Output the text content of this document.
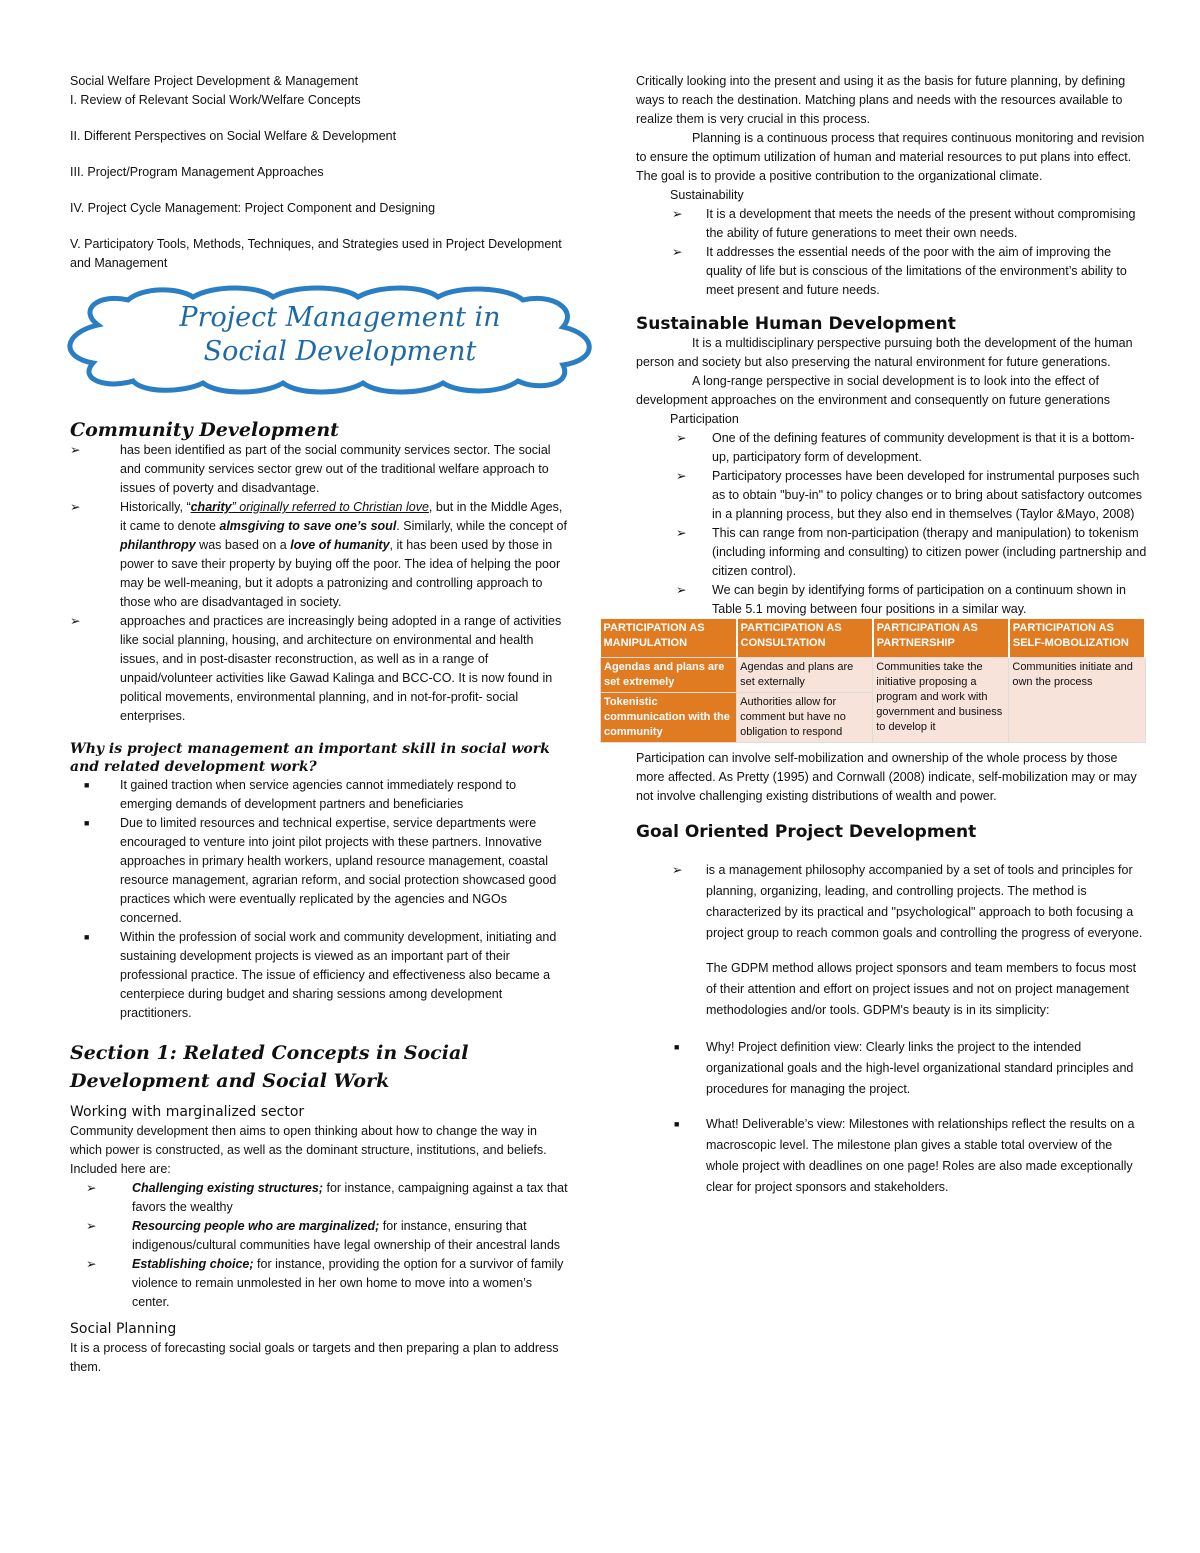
Social Welfare Project Development & Management

I. Review of Relevant Social Work/Welfare Concepts

II. Different Perspectives on Social Welfare & Development

III. Project/Program Management Approaches

IV. Project Cycle Management: Project Component and Designing

V. Participatory Tools, Methods, Techniques, and Strategies used in Project Development and Management

Project Management in
Social Development
Community Development
➢	has been identified as part of the social community services sector. The social and community services sector grew out of the traditional welfare approach to issues of poverty and disadvantage.
➢	Historically, “charity” originally referred to Christian love, but in the Middle Ages, it came to denote almsgiving to save one’s soul. Similarly, while the concept of philanthropy was based on a love of humanity, it has been used by those in power to save their property by buying off the poor. The idea of helping the poor may be well-meaning, but it adopts a patronizing and controlling approach to those who are disadvantaged in society.
➢	approaches and practices are increasingly being adopted in a range of activities like social planning, housing, and architecture on environmental and health issues, and in post-disaster reconstruction, as well as in a range of unpaid/volunteer activities like Gawad Kalinga and BCC-CO. It is now found in political movements, environmental planning, and in not-for-profit- social enterprises.

Why is project management an important skill in social work and related development work?

■ It gained traction when service agencies cannot immediately respond to emerging demands of development partners and beneficiaries
■ Due to limited resources and technical expertise, service departments were encouraged to venture into joint pilot projects with these partners. Innovative approaches in primary health workers, upland resource management, coastal resource management, agrarian reform, and social protection showcased good practices which were eventually replicated by the agencies and NGOs concerned.
■ Within the profession of social work and community development, initiating and sustaining development projects is viewed as an important part of their professional practice. The issue of efficiency and effectiveness also became a centerpiece during budget and sharing sessions among development practitioners.
Section 1: Related Concepts in Social Development and Social Work

Working with marginalized sector

Community development then aims to open thinking about how to change the way in which power is constructed, as well as the dominant structure, institutions, and beliefs. Included here are:

➢	Challenging existing structures; for instance, campaigning against a tax that favors the wealthy
➢	Resourcing people who are marginalized; for instance, ensuring that indigenous/cultural communities have legal ownership of their ancestral lands
➢	Establishing choice; for instance, providing the option for a survivor of family violence to remain unmolested in her own home to move into a women’s center.

Social Planning

It is a process of forecasting social goals or targets and then preparing a plan to address them.

Critically looking into the present and using it as the basis for future planning, by defining ways to reach the destination. Matching plans and needs with the resources available to realize them is very crucial in this process.

Planning is a continuous process that requires continuous monitoring and revision to ensure the optimum utilization of human and material resources to put plans into effect. The goal is to provide a positive contribution to the organizational climate.

Sustainability

➢ It is a development that meets the needs of the present without compromising the ability of future generations to meet their own needs.
➢ It addresses the essential needs of the poor with the aim of improving the quality of life but is conscious of the limitations of the environment’s ability to meet present and future needs.
Sustainable Human Development

It is a multidisciplinary perspective pursuing both the development of the human person and society but also preserving the natural environment for future generations.

A long-range perspective in social development is to look into the effect of development approaches on the environment and consequently on future generations

Participation

➢ One of the defining features of community development is that it is a bottom-up, participatory form of development.
➢ Participatory processes have been developed for instrumental purposes such as to obtain "buy-in" to policy changes or to bring about satisfactory outcomes in a planning process, but they also end in themselves (Taylor &Mayo, 2008)
➢ This can range from non-participation (therapy and manipulation) to tokenism (including informing and consulting) to citizen power (including partnership and citizen control).
➢ We can begin by identifying forms of participation on a continuum shown in Table 5.1 moving between four positions in a similar way.
PARTICIPATION AS MANIPULATION	PARTICIPATION AS CONSULTATION	PARTICIPATION AS PARTNERSHIP	PARTICIPATION AS SELF-MOBOLIZATION
Agendas and plans are set extremely	Agendas and plans are set externally	Communities take the initiative proposing a program and work with government and business to develop it	Communities initiate and own the process
Tokenistic communication with the community	Authorities allow for comment but have no obligation to respond		

Participation can involve self-mobilization and ownership of the whole process by those more affected. As Pretty (1995) and Cornwall (2008) indicate, self-mobilization may or may not involve challenging existing distributions of wealth and power.

Goal Oriented Project Development
➢ is a management philosophy accompanied by a set of tools and principles for planning, organizing, leading, and controlling projects. The method is characterized by its practical and "psychological" approach to both focusing a project group to reach common goals and controlling the progress of everyone.

The GDPM method allows project sponsors and team members to focus most of their attention and effort on project issues and not on project management methodologies and/or tools. GDPM's beauty is in its simplicity:

■ Why! Project definition view: Clearly links the project to the intended organizational goals and the high-level organizational standard principles and procedures for managing the project.
■ What! Deliverable’s view: Milestones with relationships reflect the results on a macroscopic level. The milestone plan gives a stable total overview of the whole project with deadlines on one page! Roles are also made exceptionally clear for project sponsors and stakeholders.
